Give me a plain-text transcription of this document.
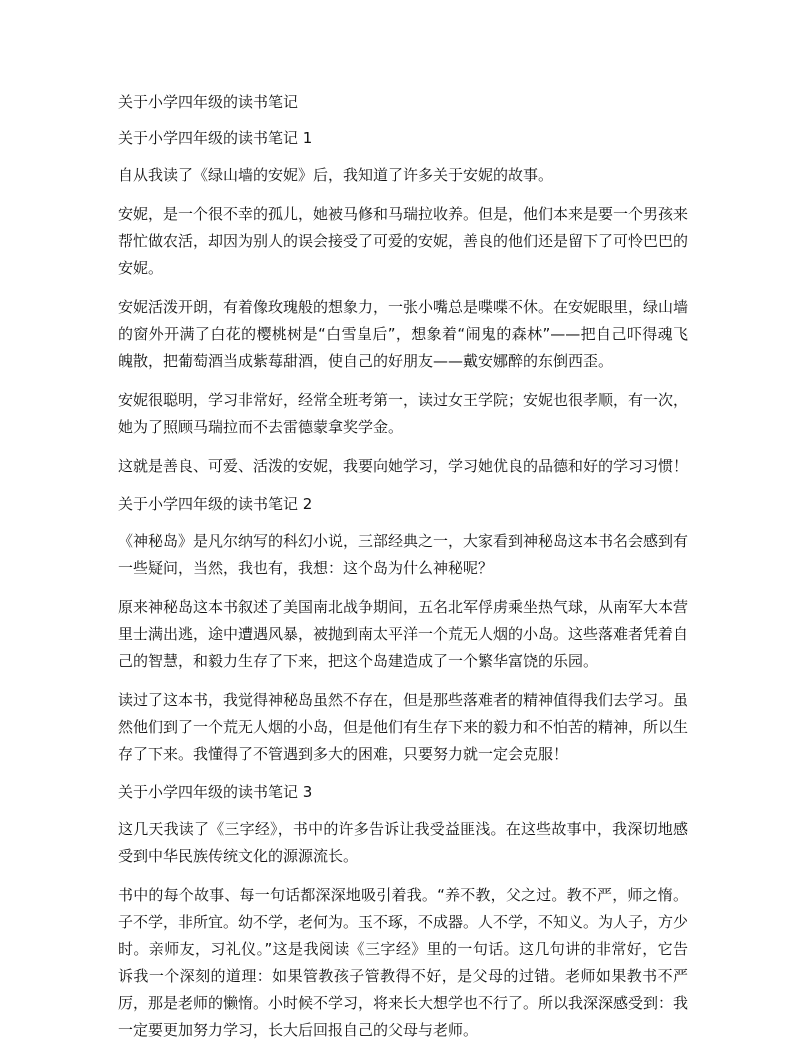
关于小学四年级的读书笔记
关于小学四年级的读书笔记 1

自从我读了《绿山墙的安妮》后，我知道了许多关于安妮的故事。

安妮，是一个很不幸的孤儿，她被马修和马瑞拉收养。但是，他们本来是要一个男孩来帮忙做农活，却因为别人的误会接受了可爱的安妮，善良的他们还是留下了可怜巴巴的安妮。

安妮活泼开朗，有着像玫瑰般的想象力，一张小嘴总是喋喋不休。在安妮眼里，绿山墙的窗外开满了白花的樱桃树是“白雪皇后”，想象着“闹鬼的森林”——把自己吓得魂飞魄散，把葡萄酒当成紫莓甜酒，使自己的好朋友——戴安娜醉的东倒西歪。

安妮很聪明，学习非常好，经常全班考第一，读过女王学院；安妮也很孝顺，有一次，她为了照顾马瑞拉而不去雷德蒙拿奖学金。

这就是善良、可爱、活泼的安妮，我要向她学习，学习她优良的品德和好的学习习惯！

关于小学四年级的读书笔记 2

《神秘岛》是凡尔纳写的科幻小说，三部经典之一，大家看到神秘岛这本书名会感到有一些疑问，当然，我也有，我想：这个岛为什么神秘呢？

原来神秘岛这本书叙述了美国南北战争期间，五名北军俘虏乘坐热气球，从南军大本营里士满出逃，途中遭遇风暴，被抛到南太平洋一个荒无人烟的小岛。这些落难者凭着自己的智慧，和毅力生存了下来，把这个岛建造成了一个繁华富饶的乐园。

读过了这本书，我觉得神秘岛虽然不存在，但是那些落难者的精神值得我们去学习。虽然他们到了一个荒无人烟的小岛，但是他们有生存下来的毅力和不怕苦的精神，所以生存了下来。我懂得了不管遇到多大的困难，只要努力就一定会克服！

关于小学四年级的读书笔记 3

这几天我读了《三字经》，书中的许多告诉让我受益匪浅。在这些故事中，我深切地感受到中华民族传统文化的源源流长。

书中的每个故事、每一句话都深深地吸引着我。“养不教，父之过。教不严，师之惰。子不学，非所宜。幼不学，老何为。玉不琢，不成器。人不学，不知义。为人子，方少时。亲师友，习礼仪。”这是我阅读《三字经》里的一句话。这几句讲的非常好，它告诉我一个深刻的道理：如果管教孩子管教得不好，是父母的过错。老师如果教书不严厉，那是老师的懒惰。小时候不学习，将来长大想学也不行了。所以我深深感受到：我一定要更加努力学习，长大后回报自己的父母与老师。
